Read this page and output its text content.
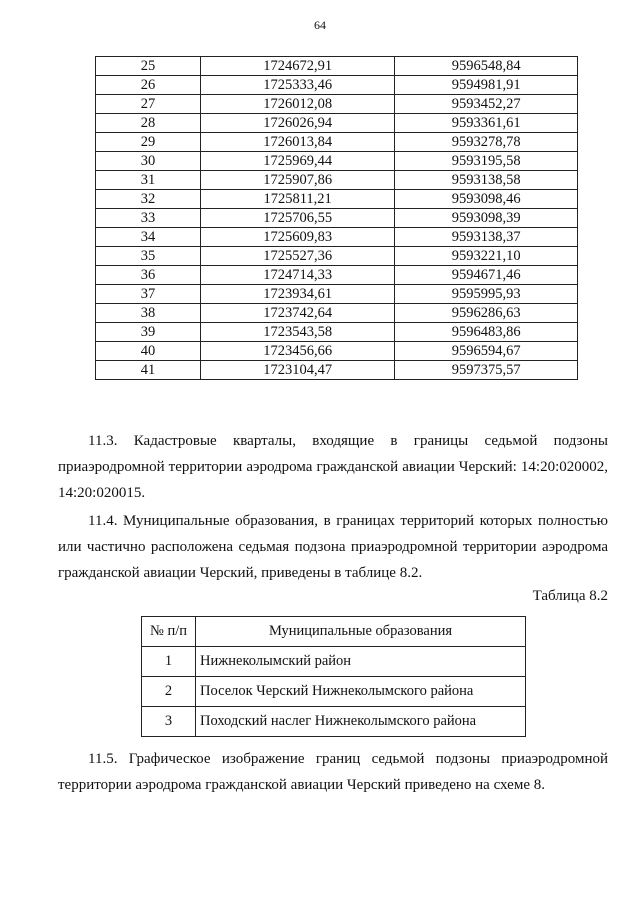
64
25	1724672,91	9596548,84
26	1725333,46	9594981,91
27	1726012,08	9593452,27
28	1726026,94	9593361,61
29	1726013,84	9593278,78
30	1725969,44	9593195,58
31	1725907,86	9593138,58
32	1725811,21	9593098,46
33	1725706,55	9593098,39
34	1725609,83	9593138,37
35	1725527,36	9593221,10
36	1724714,33	9594671,46
37	1723934,61	9595995,93
38	1723742,64	9596286,63
39	1723543,58	9596483,86
40	1723456,66	9596594,67
41	1723104,47	9597375,57
11.3. Кадастровые кварталы, входящие в границы седьмой подзоны приаэродромной территории аэродрома гражданской авиации Черский: 14:20:020002, 14:20:020015.
11.4. Муниципальные образования, в границах территорий которых полностью или частично расположена седьмая подзона приаэродромной территории аэродрома гражданской авиации Черский, приведены в таблице 8.2.
Таблица 8.2
№ п/п	Муниципальные образования
1	Нижнеколымский район
2	Поселок Черский Нижнеколымского района
3	Походский наслег Нижнеколымского района
11.5. Графическое изображение границ седьмой подзоны приаэродромной территории аэродрома гражданской авиации Черский приведено на схеме 8.
